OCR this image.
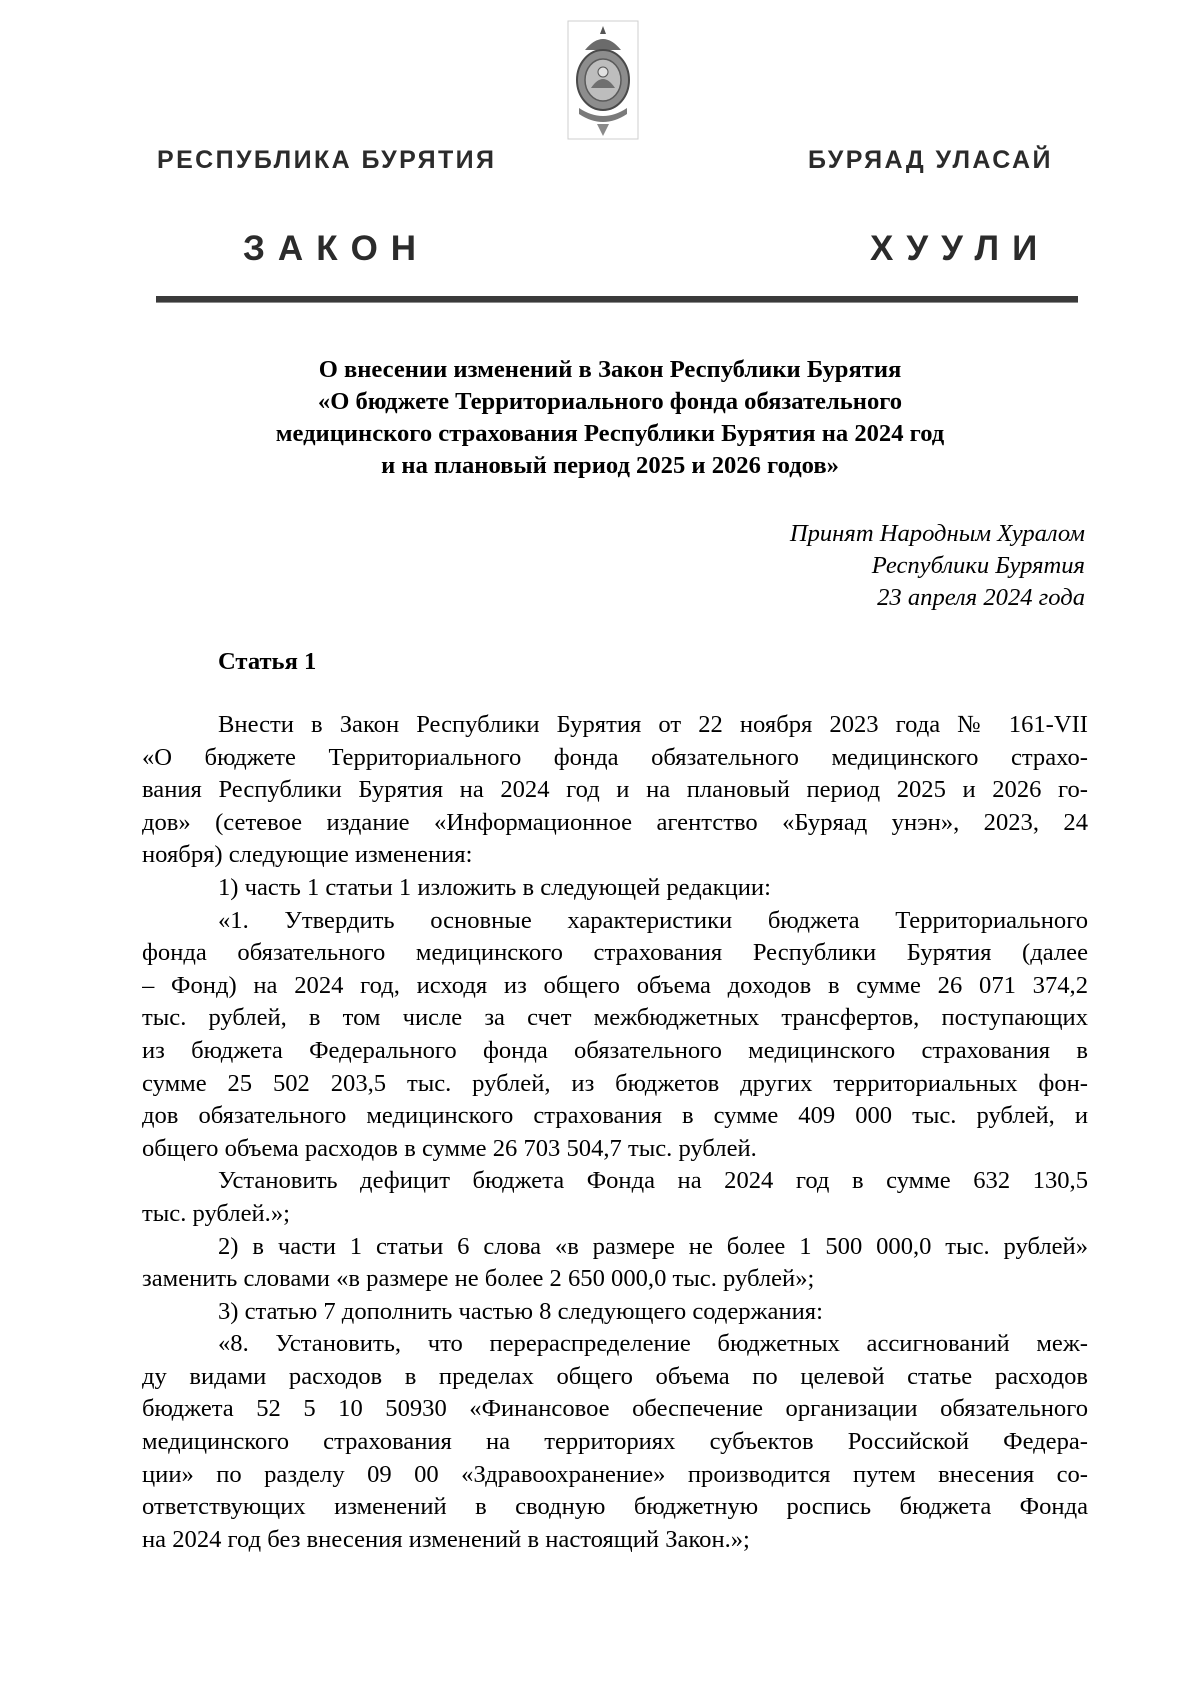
РЕСПУБЛИКА БУРЯТИЯ	БУРЯАД УЛАСАЙ
ЗАКОН	ХУУЛИ
О внесении изменений в Закон Республики Бурятия
«О бюджете Территориального фонда обязательного
медицинского страхования Республики Бурятия на 2024 год
и на плановый период 2025 и 2026 годов»
Принят Народным Хуралом
Республики Бурятия
23 апреля 2024 года
Статья 1
Внести в Закон Республики Бурятия от 22 ноября 2023 года № 161-VII
«О бюджете Территориального фонда обязательного медицинского страхо-
вания Республики Бурятия на 2024 год и на плановый период 2025 и 2026 го-
дов» (сетевое издание «Информационное агентство «Буряад унэн», 2023, 24
ноября) следующие изменения:
1) часть 1 статьи 1 изложить в следующей редакции:
«1. Утвердить основные характеристики бюджета Территориального
фонда обязательного медицинского страхования Республики Бурятия (далее
– Фонд) на 2024 год, исходя из общего объема доходов в сумме 26 071 374,2
тыс. рублей, в том числе за счет межбюджетных трансфертов, поступающих
из бюджета Федерального фонда обязательного медицинского страхования в
сумме 25 502 203,5 тыс. рублей, из бюджетов других территориальных фон-
дов обязательного медицинского страхования в сумме 409 000 тыс. рублей, и
общего объема расходов в сумме 26 703 504,7 тыс. рублей.
Установить дефицит бюджета Фонда на 2024 год в сумме 632 130,5
тыс. рублей.»;
2) в части 1 статьи 6 слова «в размере не более 1 500 000,0 тыс. рублей»
заменить словами «в размере не более 2 650 000,0 тыс. рублей»;
3) статью 7 дополнить частью 8 следующего содержания:
«8. Установить, что перераспределение бюджетных ассигнований меж-
ду видами расходов в пределах общего объема по целевой статье расходов
бюджета 52 5 10 50930 «Финансовое обеспечение организации обязательного
медицинского страхования на территориях субъектов Российской Федера-
ции» по разделу 09 00 «Здравоохранение» производится путем внесения со-
ответствующих изменений в сводную бюджетную роспись бюджета Фонда
на 2024 год без внесения изменений в настоящий Закон.»;
